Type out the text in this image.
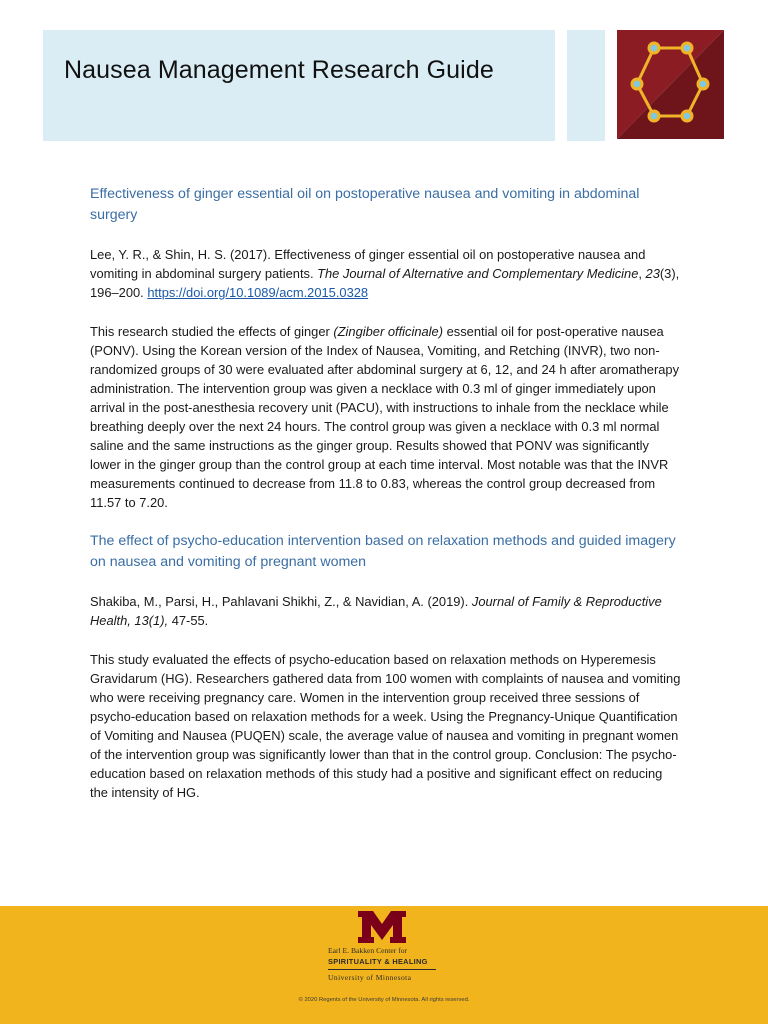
Nausea Management Research Guide
Effectiveness of ginger essential oil on postoperative nausea and vomiting in abdominal surgery
Lee, Y. R., & Shin, H. S. (2017). Effectiveness of ginger essential oil on postoperative nausea and vomiting in abdominal surgery patients. The Journal of Alternative and Complementary Medicine, 23(3), 196–200. https://doi.org/10.1089/acm.2015.0328
This research studied the effects of ginger (Zingiber officinale) essential oil for post-operative nausea (PONV). Using the Korean version of the Index of Nausea, Vomiting, and Retching (INVR), two non- randomized groups of 30 were evaluated after abdominal surgery at 6, 12, and 24 h after aromatherapy administration. The intervention group was given a necklace with 0.3 ml of ginger immediately upon arrival in the post-anesthesia recovery unit (PACU), with instructions to inhale from the necklace while breathing deeply over the next 24 hours. The control group was given a necklace with 0.3 ml normal saline and the same instructions as the ginger group. Results showed that PONV was significantly lower in the ginger group than the control group at each time interval. Most notable was that the INVR measurements continued to decrease from 11.8 to 0.83, whereas the control group decreased from 11.57 to 7.20.
The effect of psycho-education intervention based on relaxation methods and guided imagery on nausea and vomiting of pregnant women
Shakiba, M., Parsi, H., Pahlavani Shikhi, Z., & Navidian, A. (2019). Journal of Family & Reproductive Health, 13(1), 47-55.
This study evaluated the effects of psycho-education based on relaxation methods on Hyperemesis Gravidarum (HG). Researchers gathered data from 100 women with complaints of nausea and vomiting who were receiving pregnancy care. Women in the intervention group received three sessions of psycho-education based on relaxation methods for a week. Using the Pregnancy-Unique Quantification of Vomiting and Nausea (PUQEN) scale, the average value of nausea and vomiting in pregnant women of the intervention group was significantly lower than that in the control group. Conclusion: The psycho-education based on relaxation methods of this study had a positive and significant effect on reducing the intensity of HG.
Earl E. Bakken Center for
SPIRITUALITY & HEALING
University of Minnesota
© 2020 Regents of the University of Minnesota. All rights reserved.
